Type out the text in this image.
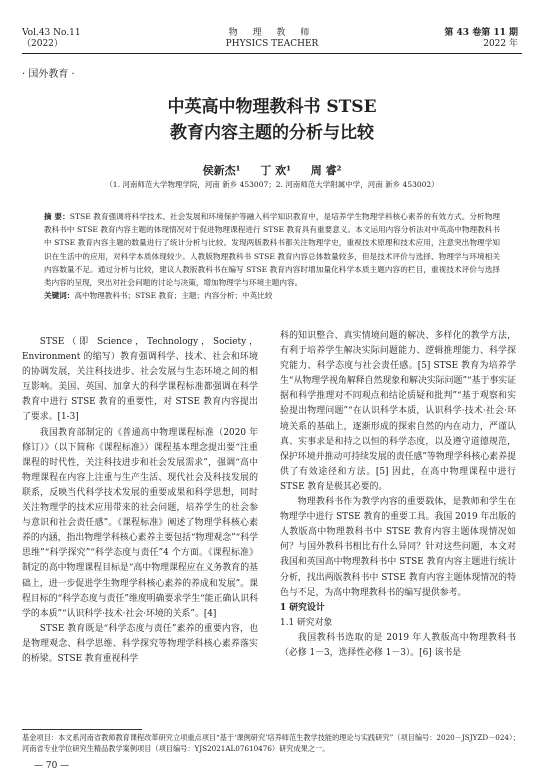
Vol.43 No.11
（2022）
物 理 教 师
PHYSICS TEACHER
第 43 卷第 11 期
2022 年
· 国外教育 ·
中英高中物理教科书 STSE
教育内容主题的分析与比较
侯新杰¹ 丁 欢¹ 周 睿²
（1. 河南师范大学物理学院，河南 新乡 453007；2. 河南师范大学附属中学，河南 新乡 453002）
摘 要：STSE 教育强调将科学技术、社会发展和环境保护等融入科学知识教育中，是培养学生物理学科核心素养的有效方式。分析物理教科书中 STSE 教育内容主题的体现情况对于促进物理课程进行 STSE 教育具有重要意义。本文运用内容分析法对中英高中物理教科书中 STSE 教育内容主题的数量进行了统计分析与比较。发现两版教科书都关注物理学史，重视技术原理和技术应用，注意突出物理学知识在生活中的应用，对科学本质体现较少。人教版物理教科书 STSE 教育内容总体数量较多，但是技术评价与选择、物理学与环境相关内容数量不足。通过分析与比较，建议人教版教科书在编写 STSE 教育内容时增加量化科学本质主题内容的栏目，重视技术评价与选择类内容的呈现，突出对社会问题的讨论与决策，增加物理学与环境主题内容。
关键词：高中物理教科书；STSE 教育；主题；内容分析；中英比较

STSE（即 Science，Technology，Society，Environment 的缩写）教育强调科学、技术、社会和环境的协调发展，关注科技进步、社会发展与生态环境之间的相互影响。美国、英国、加拿大的科学课程标准都强调在科学教育中进行 STSE 教育的重要性，对 STSE 教育内容提出了要求。[1-3]

我国教育部制定的《普通高中物理课程标准（2020 年修订）》（以下简称《课程标准》）课程基本理念提出要“注重课程的时代性，关注科技进步和社会发展需求”，强调“高中物理课程在内容上注重与生产生活、现代社会及科技发展的联系，反映当代科学技术发展的重要成果和科学思想，同时关注物理学的技术应用带来的社会问题，培养学生的社会参与意识和社会责任感”。《课程标准》阐述了物理学科核心素养的内涵，指出物理学科核心素养主要包括“物理观念”“科学思维”“科学探究”“科学态度与责任”4 个方面。《课程标准》制定的高中物理课程目标是“高中物理课程应在义务教育的基础上，进一步促进学生物理学科核心素养的养成和发展”。课程目标的“科学态度与责任”维度明确要求学生“能正确认识科学的本质”“认识科学·技术·社会·环境的关系”。[4]

STSE 教育既是“科学态度与责任”素养的重要内容，也是物理观念、科学思维、科学探究等物理学科核心素养落实的桥梁。STSE 教育重视科学

科的知识整合、真实情境问题的解决、多样化的教学方法，有利于培养学生解决实际问题能力、逻辑推理能力、科学探究能力、科学态度与社会责任感。[5] STSE 教育为培养学生“从物理学视角解释自然现象和解决实际问题”“基于事实证据和科学推理对不同观点和结论质疑和批判”“基于观察和实验提出物理问题”“在认识科学本质，认识科学·技术·社会·环境关系的基础上，逐渐形成的探索自然的内在动力，严谨认真、实事求是和持之以恒的科学态度，以及遵守道德规范，保护环境并推动可持续发展的责任感”等物理学科核心素养提供了有效途径和方法。[5] 因此，在高中物理课程中进行 STSE 教育是极其必要的。

物理教科书作为教学内容的重要载体，是教师和学生在物理学中进行 STSE 教育的重要工具。我国 2019 年出版的人教版高中物理教科书中 STSE 教育内容主题体现情况如何？与国外教科书相比有什么异同？针对这些问题，本文对我国和英国高中物理教科书中 STSE 教育内容主题进行统计分析，找出两版教科书中 STSE 教育内容主题体现情况的特色与不足，为高中物理教科书的编写提供参考。

1 研究设计

1.1 研究对象

我国教科书选取的是 2019 年人教版高中物理教科书（必修 1－3，选择性必修 1－3）。[6] 该书是

基金项目：本文系河南省教师教育课程改革研究立项重点项目“基于‘课例研究’培养师范生教学技能的理论与实践研究”（项目编号：2020－JSJYZD－024）；河南省专业学位研究生精品教学案例项目（项目编号：YJS2021AL07610476）研究成果之一。
— 70 —
